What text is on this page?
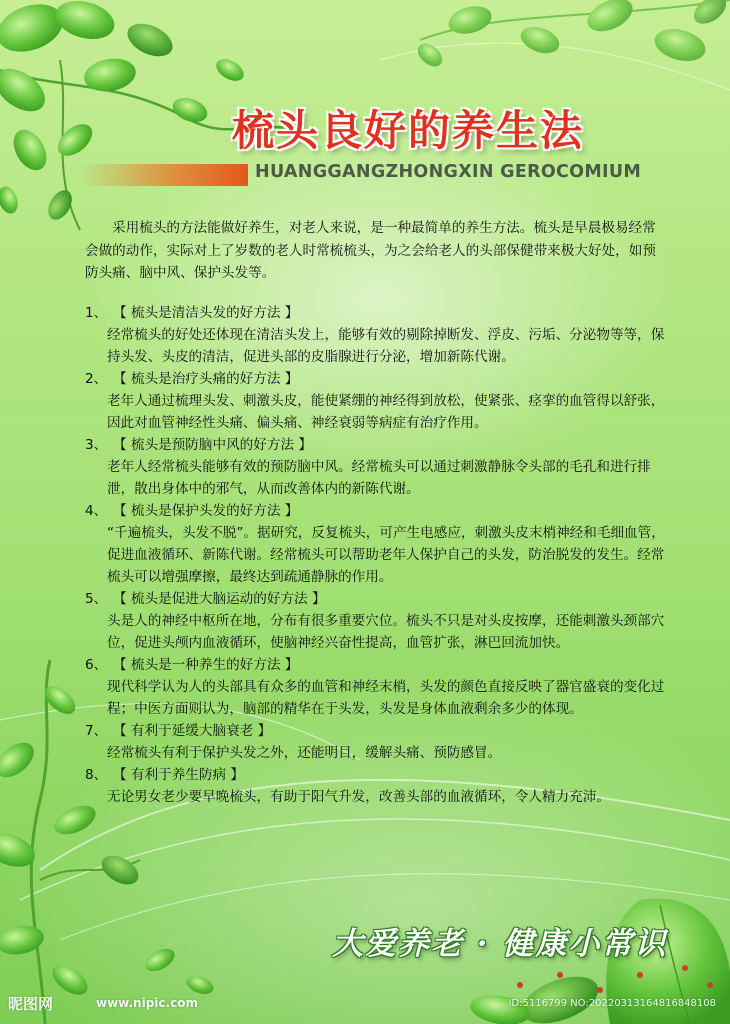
梳头良好的养生法

HUANGGANGZHONGXIN GEROCOMIUM

采用梳头的方法能做好养生，对老人来说，是一种最简单的养生方法。梳头是早晨极易经常会做的动作，实际对上了岁数的老人时常梳梳头，为之会给老人的头部保健带来极大好处，如预防头痛、脑中风、保护头发等。

1、 【 梳头是清洁头发的好方法 】
经常梳头的好处还体现在清洁头发上，能够有效的剔除掉断发、浮皮、污垢、分泌物等等，保持头发、头皮的清洁，促进头部的皮脂腺进行分泌，增加新陈代谢。
2、 【 梳头是治疗头痛的好方法 】
老年人通过梳理头发、刺激头皮，能使紧绷的神经得到放松，使紧张、痉挛的血管得以舒张，因此对血管神经性头痛、偏头痛、神经衰弱等病症有治疗作用。
3、 【 梳头是预防脑中风的好方法 】
老年人经常梳头能够有效的预防脑中风。经常梳头可以通过刺激静脉令头部的毛孔和进行排泄，散出身体中的邪气，从而改善体内的新陈代谢。
4、 【 梳头是保护头发的好方法 】
“千遍梳头，头发不脱”。据研究，反复梳头，可产生电感应，刺激头皮末梢神经和毛细血管，促进血液循环、新陈代谢。经常梳头可以帮助老年人保护自己的头发，防治脱发的发生。经常梳头可以增强摩擦，最终达到疏通静脉的作用。
5、 【 梳头是促进大脑运动的好方法 】
头是人的神经中枢所在地，分布有很多重要穴位。梳头不只是对头皮按摩，还能刺激头颈部穴位，促进头颅内血液循环，使脑神经兴奋性提高，血管扩张，淋巴回流加快。
6、 【 梳头是一种养生的好方法 】
现代科学认为人的头部具有众多的血管和神经末梢，头发的颜色直接反映了器官盛衰的变化过程；中医方面则认为，脑部的精华在于头发，头发是身体血液剩余多少的体现。
7、 【 有利于延缓大脑衰老 】
经常梳头有利于保护头发之外，还能明目，缓解头痛、预防感冒。
8、 【 有利于养生防病 】
无论男女老少要早晚梳头，有助于阳气升发，改善头部的血液循环，令人精力充沛。

大爱养老 · 健康小常识

昵图网	www.nipic.com	ID:5116799 NO:20220313164816848108
